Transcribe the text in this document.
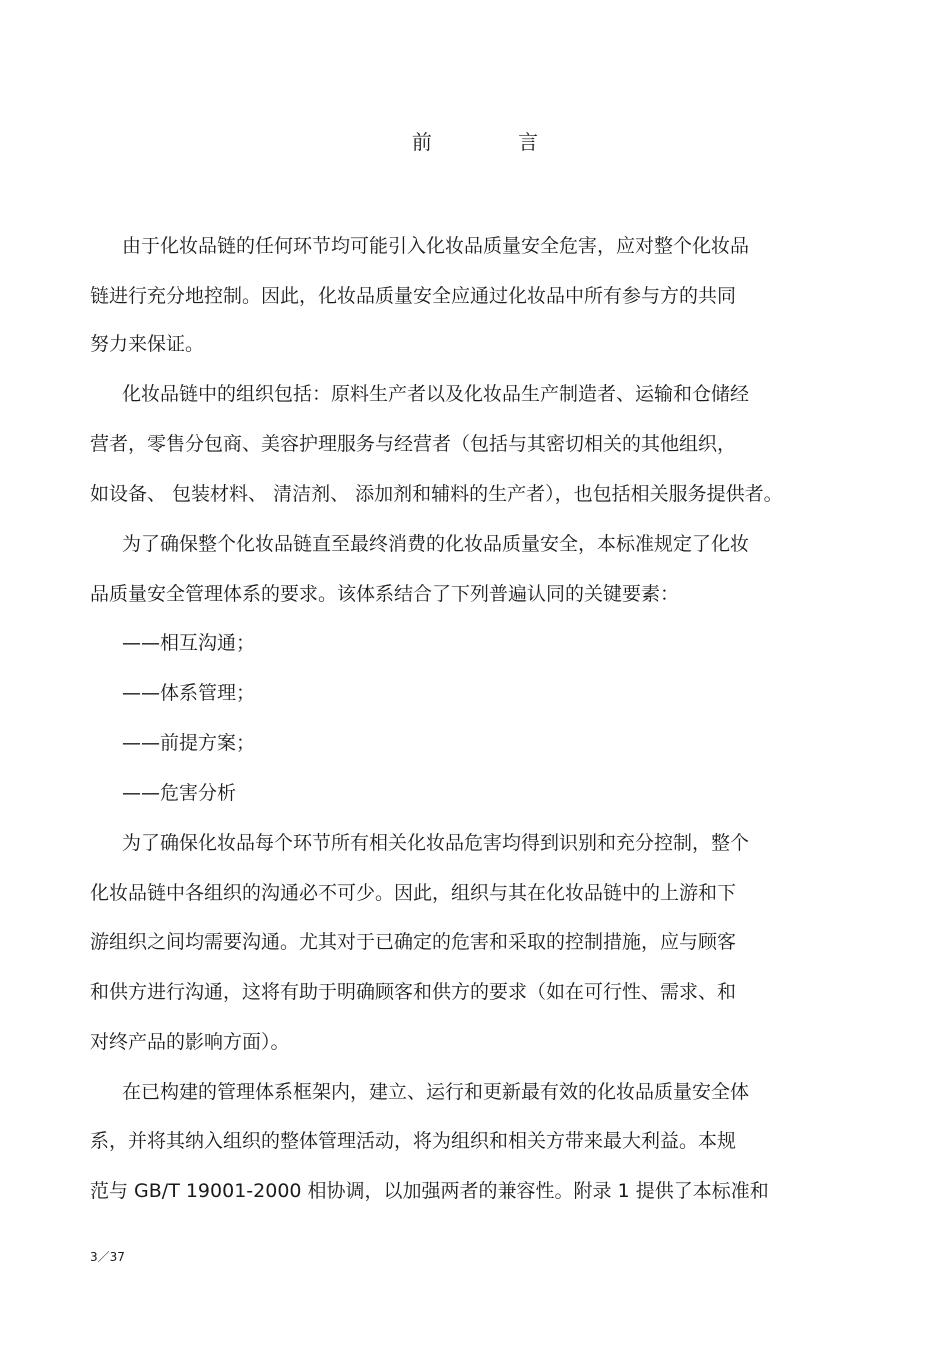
前 言
由于化妆品链的任何环节均可能引入化妆品质量安全危害，应对整个化妆品
链进行充分地控制。因此，化妆品质量安全应通过化妆品中所有参与方的共同
努力来保证。
化妆品链中的组织包括：原料生产者以及化妆品生产制造者、运输和仓储经
营者，零售分包商、美容护理服务与经营者（包括与其密切相关的其他组织，
如设备、 包装材料、 清洁剂、 添加剂和辅料的生产者），也包括相关服务提供者。
为了确保整个化妆品链直至最终消费的化妆品质量安全，本标准规定了化妆
品质量安全管理体系的要求。该体系结合了下列普遍认同的关键要素：
——相互沟通；
——体系管理；
——前提方案；
——危害分析
为了确保化妆品每个环节所有相关化妆品危害均得到识别和充分控制，整个
化妆品链中各组织的沟通必不可少。因此，组织与其在化妆品链中的上游和下
游组织之间均需要沟通。尤其对于已确定的危害和采取的控制措施，应与顾客
和供方进行沟通，这将有助于明确顾客和供方的要求（如在可行性、需求、和
对终产品的影响方面）。
在已构建的管理体系框架内，建立、运行和更新最有效的化妆品质量安全体
系，并将其纳入组织的整体管理活动，将为组织和相关方带来最大利益。本规
范与 GB/T 19001-2000 相协调，以加强两者的兼容性。附录 1 提供了本标准和
3／37
